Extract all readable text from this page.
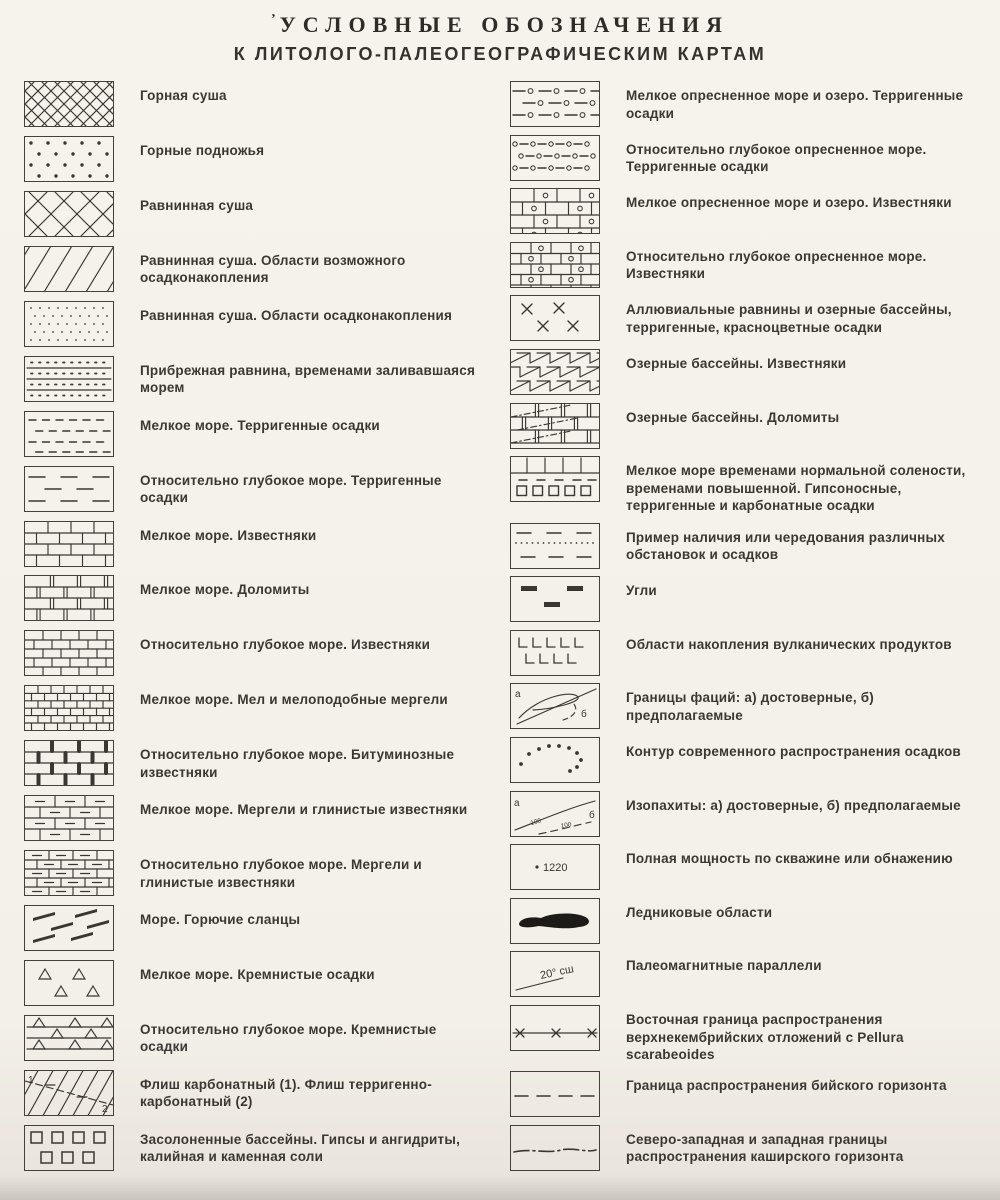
’ УСЛОВНЫЕ ОБОЗНАЧЕНИЯ
К ЛИТОЛОГО-ПАЛЕОГЕОГРАФИЧЕСКИМ КАРТАМ
Горная суша
Горные подножья
Равнинная суша
Равнинная суша. Области возможного осадконакопления
Равнинная суша. Области осадконакопления
Прибрежная равнина, временами заливавшаяся морем
Мелкое море. Терригенные осадки
Относительно глубокое море. Терригенные осадки
Мелкое море. Известняки
Мелкое море. Доломиты
Относительно глубокое море. Известняки
Мелкое море. Мел и мелоподобные мергели
Относительно глубокое море. Битуминозные известняки
Мелкое море. Мергели и глинистые известняки
Относительно глубокое море. Мергели и глинистые известняки
Море. Горючие сланцы
Мелкое море. Кремнистые осадки
Относительно глубокое море. Кремнистые осадки
1
2
Флиш карбонатный (1). Флиш терригенно-карбонатный (2)
Засолоненные бассейны. Гипсы и ангидриты, калийная и каменная соли
Мелкое опресненное море и озеро. Терригенные осадки
Относительно глубокое опресненное море. Терригенные осадки
Мелкое опресненное море и озеро. Известняки
Относительно глубокое опресненное море. Известняки
Аллювиальные равнины и озерные бассейны, терригенные, красноцветные осадки
Озерные бассейны. Известняки
Озерные бассейны. Доломиты
Мелкое море временами нормальной солености, временами повышенной. Гипсоносные, терригенные и карбонатные осадки
Пример наличия или чередования различных обстановок и осадков
Угли
Области накопления вулканических продуктов
а
б
Границы фаций: а) достоверные, б) предполагаемые
Контур современного распространения осадков
100	100
а
б
Изопахиты: а) достоверные, б) предполагаемые
1220
Полная мощность по скважине или обнажению
Ледниковые области
20° сш	Палеомагнитные параллели
Восточная граница распространения верхнекембрийских отложений с Pellura scarabeoides
Граница распространения бийского горизонта
Северо-западная и западная границы распространения каширского горизонта
